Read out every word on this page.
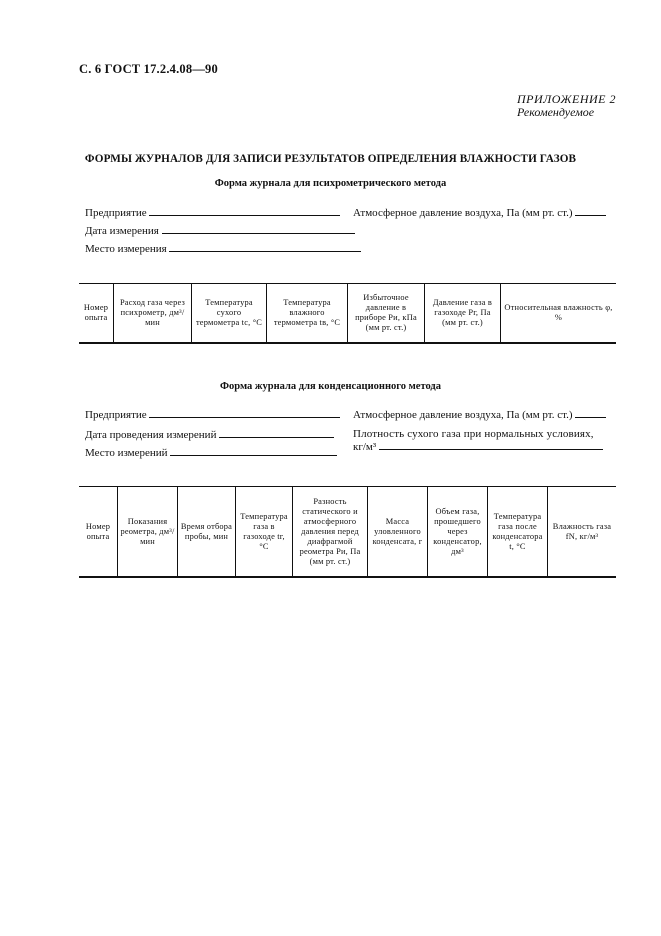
С. 6 ГОСТ 17.2.4.08—90
ПРИЛОЖЕНИЕ 2
Рекомендуемое
ФОРМЫ ЖУРНАЛОВ ДЛЯ ЗАПИСИ РЕЗУЛЬТАТОВ ОПРЕДЕЛЕНИЯ ВЛАЖНОСТИ ГАЗОВ
Форма журнала для психрометрического метода
Предприятие	Атмосферное давление воздуха, Па (мм рт. ст.)
Дата измерения
Место измерения
Номер опыта	Расход газа через психрометр, дм³/мин	Температура сухого термометра tс, °С	Температура влажного термометра tв, °С	Избыточное давление в приборе Pи, кПа (мм рт. ст.)	Давление газа в газоходе Pг, Па (мм рт. ст.)	Относительная влажность φ, %
Форма журнала для конденсационного метода
Предприятие	Атмосферное давление воздуха, Па (мм рт. ст.)
Дата проведения измерений	Плотность сухого газа при нормальных условиях,
кг/м³
Место измерений
Номер опыта	Показания реометра, дм³/мин	Время отбора пробы, мин	Температура газа в газоходе tг, °С	Разность статического и атмосферного давления перед диафрагмой реометра Pи, Па (мм рт. ст.)	Масса уловленного конденсата, г	Объем газа, прошедшего через конденсатор, дм³	Температура газа после конденсатора t, °С	Влажность газа fN, кг/м³
